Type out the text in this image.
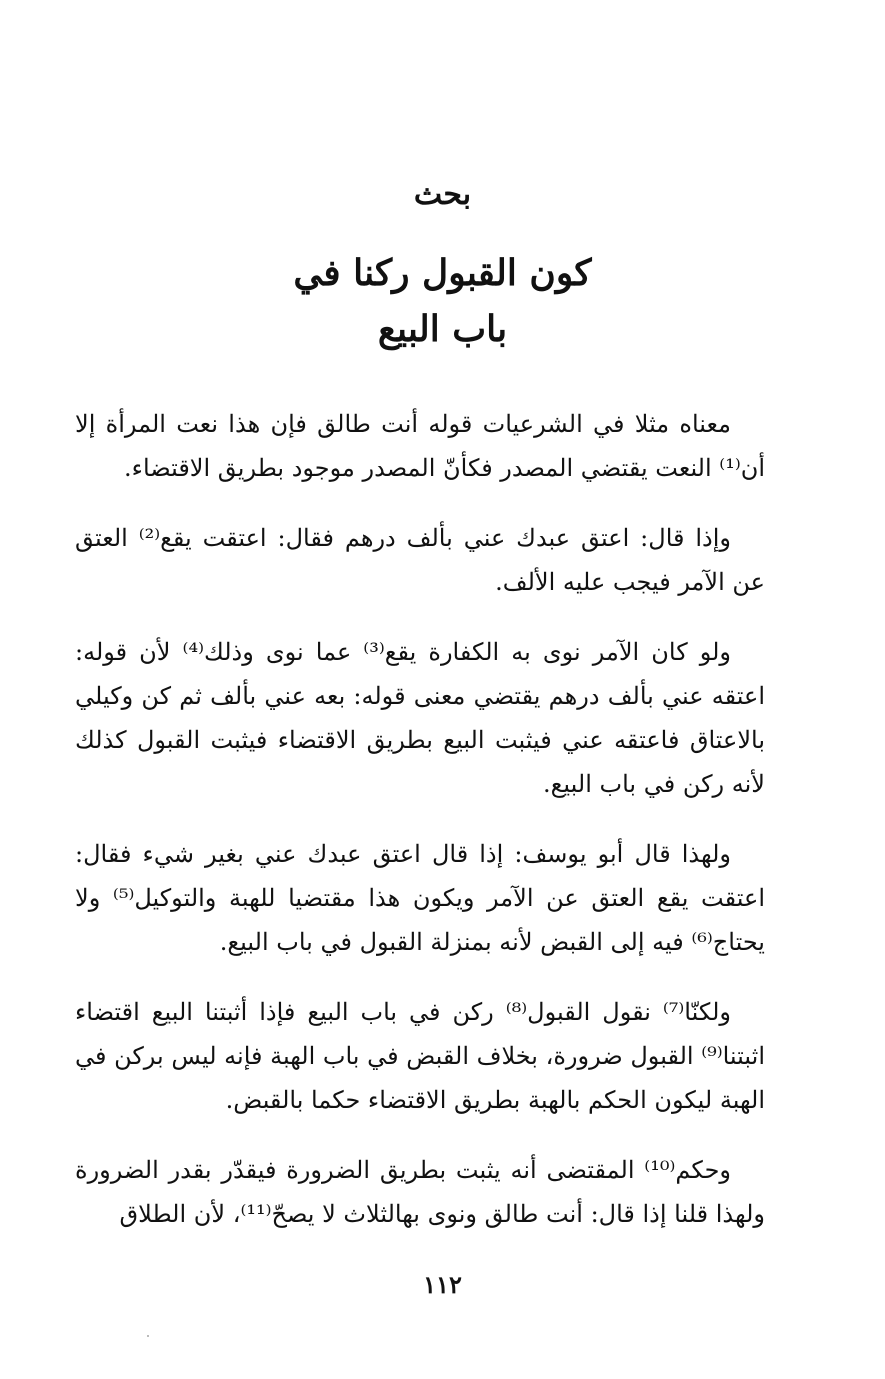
بحث
كون القبول ركنا في
باب البيع

معناه مثلا في الشرعيات قوله أنت طالق فإن هذا نعت المرأة إلا أن⁽¹⁾ النعت يقتضي المصدر فكأنّ المصدر موجود بطريق الاقتضاء.

وإذا قال: اعتق عبدك عني بألف درهم فقال: اعتقت يقع⁽²⁾ العتق عن الآمر فيجب عليه الألف.

ولو كان الآمر نوى به الكفارة يقع⁽³⁾ عما نوى وذلك⁽⁴⁾ لأن قوله: اعتقه عني بألف درهم يقتضي معنى قوله: بعه عني بألف ثم كن وكيلي بالاعتاق فاعتقه عني فيثبت البيع بطريق الاقتضاء فيثبت القبول كذلك لأنه ركن في باب البيع.

ولهذا قال أبو يوسف: إذا قال اعتق عبدك عني بغير شيء فقال: اعتقت يقع العتق عن الآمر ويكون هذا مقتضيا للهبة والتوكيل⁽⁵⁾ ولا يحتاج⁽⁶⁾ فيه إلى القبض لأنه بمنزلة القبول في باب البيع.

ولكنّا⁽⁷⁾ نقول القبول⁽⁸⁾ ركن في باب البيع فإذا أثبتنا البيع اقتضاء اثبتنا⁽⁹⁾ القبول ضرورة، بخلاف القبض في باب الهبة فإنه ليس بركن في الهبة ليكون الحكم بالهبة بطريق الاقتضاء حكما بالقبض.

وحكم⁽¹⁰⁾ المقتضى أنه يثبت بطريق الضرورة فيقدّر بقدر الضرورة ولهذا قلنا إذا قال: أنت طالق ونوى بهالثلاث لا يصحّ⁽¹¹⁾، لأن الطلاق

١١٢
